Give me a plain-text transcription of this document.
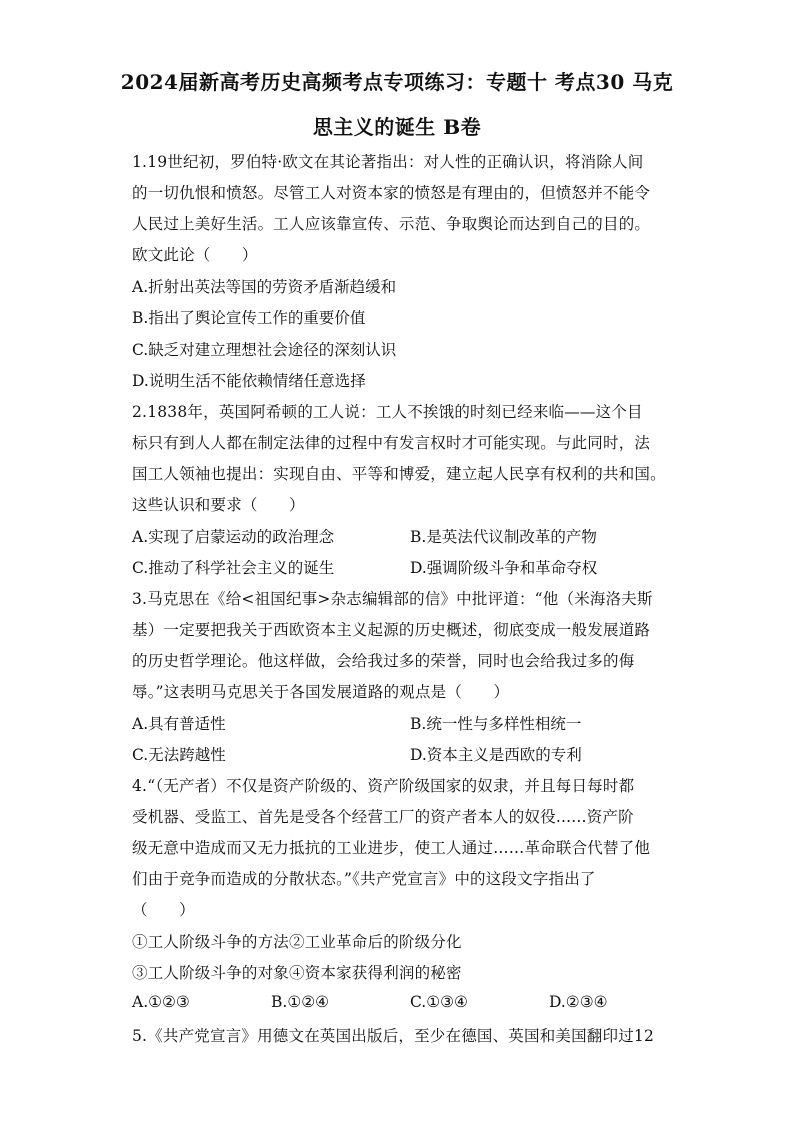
2024届新高考历史高频考点专项练习：专题十 考点30 马克
思主义的诞生 B卷
1.19世纪初，罗伯特·欧文在其论著指出：对人性的正确认识，将消除人间
的一切仇恨和愤怒。尽管工人对资本家的愤怒是有理由的，但愤怒并不能令
人民过上美好生活。工人应该靠宣传、示范、争取舆论而达到自己的目的。
欧文此论（　　）
A.折射出英法等国的劳资矛盾渐趋缓和
B.指出了舆论宣传工作的重要价值
C.缺乏对建立理想社会途径的深刻认识
D.说明生活不能依赖情绪任意选择
2.1838年，英国阿希顿的工人说：工人不挨饿的时刻已经来临——这个目
标只有到人人都在制定法律的过程中有发言权时才可能实现。与此同时，法
国工人领袖也提出：实现自由、平等和博爱，建立起人民享有权利的共和国。
这些认识和要求（　　）
A.实现了启蒙运动的政治理念	B.是英法代议制改革的产物
C.推动了科学社会主义的诞生	D.强调阶级斗争和革命夺权
3.马克思在《给<祖国纪事>杂志编辑部的信》中批评道：“他（米海洛夫斯
基）一定要把我关于西欧资本主义起源的历史概述，彻底变成一般发展道路
的历史哲学理论。他这样做，会给我过多的荣誉，同时也会给我过多的侮
辱。”这表明马克思关于各国发展道路的观点是（　　）
A.具有普适性	B.统一性与多样性相统一
C.无法跨越性	D.资本主义是西欧的专利
4.“（无产者）不仅是资产阶级的、资产阶级国家的奴隶，并且每日每时都
受机器、受监工、首先是受各个经营工厂的资产者本人的奴役......资产阶
级无意中造成而又无力抵抗的工业进步，使工人通过……革命联合代替了他
们由于竞争而造成的分散状态。”《共产党宣言》中的这段文字指出了
（　　）
①工人阶级斗争的方法②工业革命后的阶级分化
③工人阶级斗争的对象④资本家获得利润的秘密
A.①②③	B.①②④	C.①③④	D.②③④
5.《共产党宣言》用德文在英国出版后，至少在德国、英国和美国翻印过12
